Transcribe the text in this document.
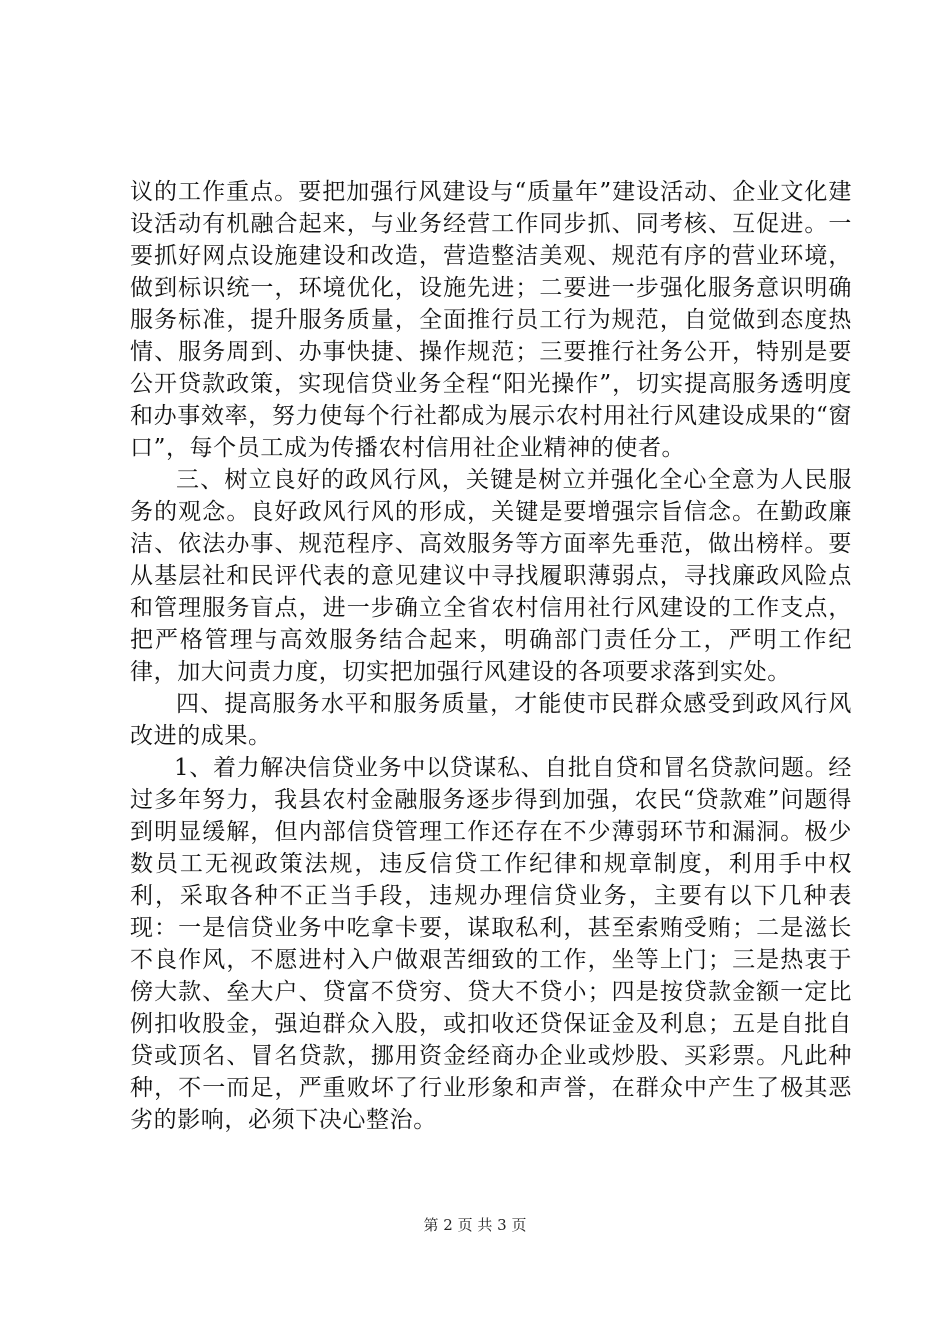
议的工作重点。要把加强行风建设与“质量年”建设活动、企业文化建设活动有机融合起来，与业务经营工作同步抓、同考核、互促进。一要抓好网点设施建设和改造，营造整洁美观、规范有序的营业环境，做到标识统一，环境优化，设施先进；二要进一步强化服务意识明确服务标准，提升服务质量，全面推行员工行为规范，自觉做到态度热情、服务周到、办事快捷、操作规范；三要推行社务公开，特别是要公开贷款政策，实现信贷业务全程“阳光操作”，切实提高服务透明度和办事效率，努力使每个行社都成为展示农村用社行风建设成果的“窗口”，每个员工成为传播农村信用社企业精神的使者。

三、树立良好的政风行风，关键是树立并强化全心全意为人民服务的观念。良好政风行风的形成，关键是要增强宗旨信念。在勤政廉洁、依法办事、规范程序、高效服务等方面率先垂范，做出榜样。要从基层社和民评代表的意见建议中寻找履职薄弱点，寻找廉政风险点和管理服务盲点，进一步确立全省农村信用社行风建设的工作支点，把严格管理与高效服务结合起来，明确部门责任分工，严明工作纪律，加大问责力度，切实把加强行风建设的各项要求落到实处。

四、提高服务水平和服务质量，才能使市民群众感受到政风行风改进的成果。

1、着力解决信贷业务中以贷谋私、自批自贷和冒名贷款问题。经过多年努力，我县农村金融服务逐步得到加强，农民“贷款难”问题得到明显缓解，但内部信贷管理工作还存在不少薄弱环节和漏洞。极少数员工无视政策法规，违反信贷工作纪律和规章制度，利用手中权利，采取各种不正当手段，违规办理信贷业务，主要有以下几种表现：一是信贷业务中吃拿卡要，谋取私利，甚至索贿受贿；二是滋长不良作风，不愿进村入户做艰苦细致的工作，坐等上门；三是热衷于傍大款、垒大户、贷富不贷穷、贷大不贷小；四是按贷款金额一定比例扣收股金，强迫群众入股，或扣收还贷保证金及利息；五是自批自贷或顶名、冒名贷款，挪用资金经商办企业或炒股、买彩票。凡此种种，不一而足，严重败坏了行业形象和声誉，在群众中产生了极其恶劣的影响，必须下决心整治。

第 2 页 共 3 页
